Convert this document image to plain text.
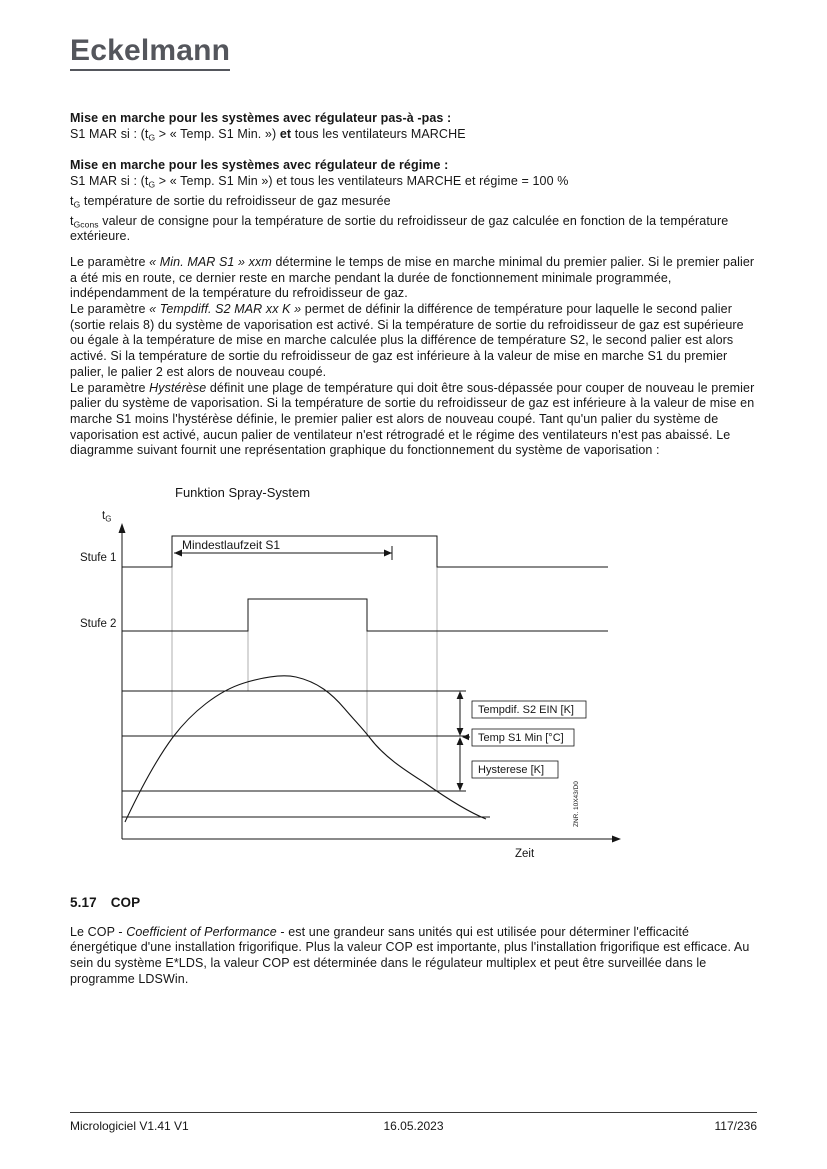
Eckelmann

Mise en marche pour les systèmes avec régulateur pas-à -pas :

S1 MAR si : ($t_G$ > « Temp. S1 Min. ») et tous les ventilateurs MARCHE

Mise en marche pour les systèmes avec régulateur de régime :

S1 MAR si : ($t_G$ > « Temp. S1 Min ») et tous les ventilateurs MARCHE et régime = 100 %

$t_G$ température de sortie du refroidisseur de gaz mesurée

$t_{Gcons}$ valeur de consigne pour la température de sortie du refroidisseur de gaz calculée en fonction de la température extérieure.

Le paramètre « Min. MAR S1 » xxm détermine le temps de mise en marche minimal du premier palier. Si le premier palier a été mis en route, ce dernier reste en marche pendant la durée de fonctionnement minimale programmée, indépendamment de la température du refroidisseur de gaz.

Le paramètre « Tempdiff. S2 MAR xx K » permet de définir la différence de température pour laquelle le second palier (sortie relais 8) du système de vaporisation est activé. Si la température de sortie du refroidisseur de gaz est supérieure ou égale à la température de mise en marche calculée plus la différence de température S2, le second palier est alors activé. Si la température de sortie du refroidisseur de gaz est inférieure à la valeur de mise en marche S1 du premier palier, le palier 2 est alors de nouveau coupé.

Le paramètre Hystérèse définit une plage de température qui doit être sous-dépassée pour couper de nouveau le premier palier du système de vaporisation. Si la température de sortie du refroidisseur de gaz est inférieure à la valeur de mise en marche S1 moins l'hystérèse définie, le premier palier est alors de nouveau coupé. Tant qu'un palier du système de vaporisation est activé, aucun palier de ventilateur n'est rétrogradé et le régime des ventilateurs n'est pas abaissé. Le diagramme suivant fournit une représentation graphique du fonctionnement du système de vaporisation :

Funktion Spray-System
$t_G$
Zeit
Stufe 1
Mindestlaufzeit S1
Stufe 2
Tempdif. S2 EIN [K]
Temp S1 Min [°C]
Hysterese [K]
ZNR. 10X43/D0

5.17 COP

Le COP - Coefficient of Performance - est une grandeur sans unités qui est utilisée pour déterminer l'efficacité énergétique d'une installation frigorifique. Plus la valeur COP est importante, plus l'installation frigorifique est efficace. Au sein du système E*LDS, la valeur COP est déterminée dans le régulateur multiplex et peut être surveillée dans le programme LDSWin.

Micrologiciel V1.41 V1	16.05.2023	117/236
